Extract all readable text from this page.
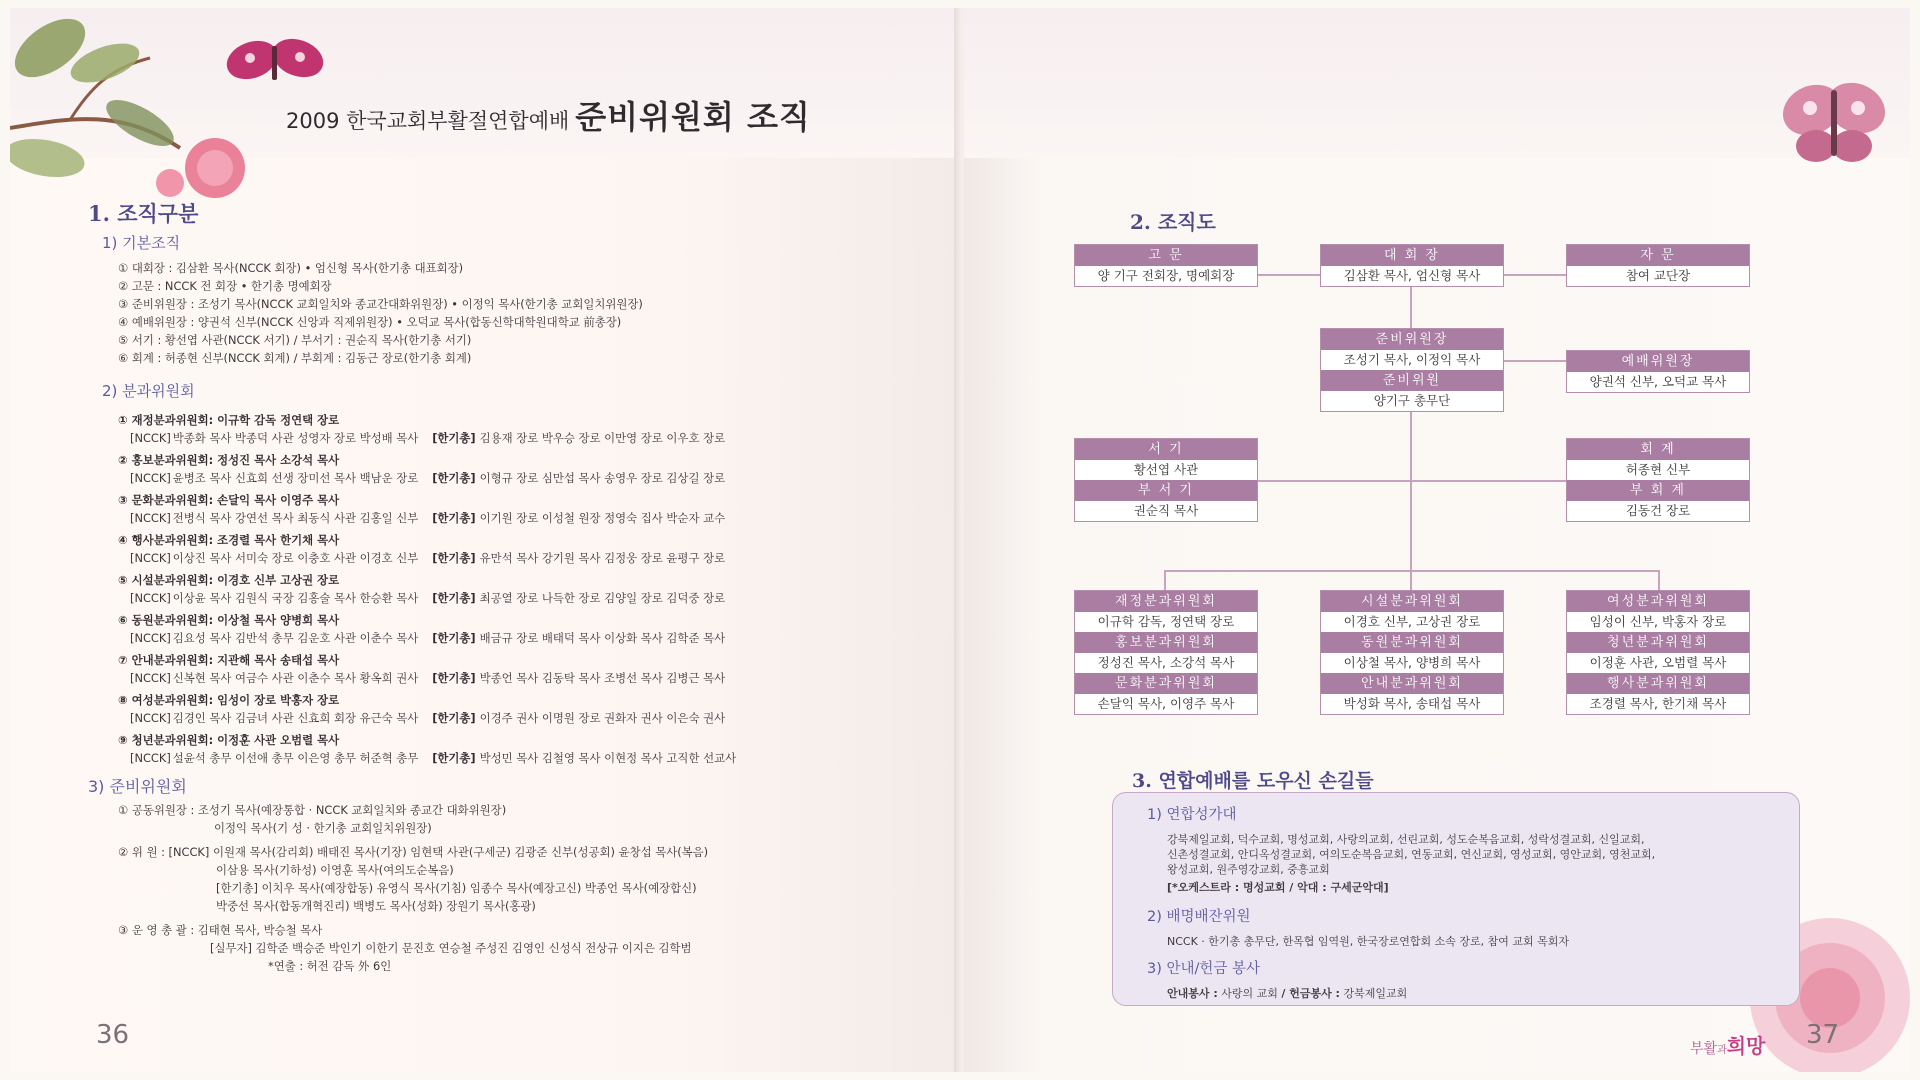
2009 한국교회부활절연합예배 준비위원회 조직
1. 조직구분
1) 기본조직
① 대회장 : 김삼환 목사(NCCK 회장) • 엄신형 목사(한기총 대표회장)
② 고문 : NCCK 전 회장 • 한기총 명예회장
③ 준비위원장 : 조성기 목사(NCCK 교회일치와 종교간대화위원장) • 이정익 목사(한기총 교회일치위원장)
④ 예배위원장 : 양권석 신부(NCCK 신앙과 직제위원장) • 오덕교 목사(합동신학대학원대학교 前총장)
⑤ 서기 : 황선엽 사관(NCCK 서기) / 부서기 : 권순직 목사(한기총 서기)
⑥ 회계 : 허종현 신부(NCCK 회계) / 부회계 : 김동근 장로(한기총 회계)
2) 분과위원회
① 재정분과위원회: 이규학 감독 정연택 장로
[NCCK] 박종화 목사 박종덕 사관 성영자 장로 박성배 목사 [한기총] 김용재 장로 박우승 장로 이만영 장로 이우호 장로
② 홍보분과위원회: 정성진 목사 소강석 목사
[NCCK] 윤병조 목사 신효희 선생 장미선 목사 백남운 장로 [한기총] 이형규 장로 심만섭 목사 송영우 장로 김상길 장로
③ 문화분과위원회: 손달익 목사 이영주 목사
[NCCK] 전병식 목사 강연선 목사 최동식 사관 김홍일 신부 [한기총] 이기원 장로 이성철 원장 정영숙 집사 박순자 교수
④ 행사분과위원회: 조경렬 목사 한기채 목사
[NCCK] 이상진 목사 서미숙 장로 이충호 사관 이경호 신부 [한기총] 유만석 목사 강기원 목사 김정웅 장로 윤평구 장로
⑤ 시설분과위원회: 이경호 신부 고상권 장로
[NCCK] 이상윤 목사 김원식 국장 김홍술 목사 한승환 목사 [한기총] 최공열 장로 나득한 장로 김양일 장로 김덕중 장로
⑥ 동원분과위원회: 이상철 목사 양병희 목사
[NCCK] 김요성 목사 김반석 총무 김운호 사관 이춘수 목사 [한기총] 배금규 장로 배태덕 목사 이상화 목사 김학준 목사
⑦ 안내분과위원회: 지관해 목사 송태섭 목사
[NCCK] 신복현 목사 여금수 사관 이춘수 목사 황옥희 권사 [한기총] 박종언 목사 김동탁 목사 조병선 목사 김병근 목사
⑧ 여성분과위원회: 임성이 장로 박홍자 장로
[NCCK] 김경인 목사 김금녀 사관 신효희 회장 유근숙 목사 [한기총] 이경주 권사 이명원 장로 권화자 권사 이은숙 권사
⑨ 청년분과위원회: 이정훈 사관 오범렬 목사
[NCCK] 설윤석 총무 이선애 총무 이은영 총무 허준혁 총무 [한기총] 박성민 목사 김철영 목사 이현정 목사 고직한 선교사
3) 준비위원회
① 공동위원장 : 조성기 목사(예장통합 · NCCK 교회일치와 종교간 대화위원장)
이정익 목사(기 성 · 한기총 교회일치위원장)
② 위 원 : [NCCK] 이원재 목사(감리회) 배태진 목사(기장) 임현택 사관(구세군) 김광준 신부(성공회) 윤창섭 목사(복음)
이삼용 목사(기하성) 이영훈 목사(여의도순복음)
[한기총] 이치우 목사(예장합동) 유영식 목사(기침) 임종수 목사(예장고신) 박종언 목사(예장합신)
박중선 목사(합동개혁진리) 백병도 목사(성화) 장원기 목사(홍광)
③ 운 영 총 괄 : 김태현 목사, 박승철 목사
[실무자] 김학준 백승준 박인기 이한기 문진호 연승철 주성진 김영인 신성식 전상규 이지은 김학범
*연출 : 허전 감독 外 6인
36
2. 조직도
고 문
양 기구 전회장, 명예회장
대 회 장
김삼환 목사, 엄신형 목사
자 문
참여 교단장
준비위원장
조성기 목사, 이정익 목사
준비위원
양기구 총무단
예배위원장
양권석 신부, 오덕교 목사
서 기
황선엽 사관
부 서 기
권순직 목사
회 계
허종현 신부
부 회 계
김동건 장로
재정분과위원회
이규학 감독, 정연택 장로
홍보분과위원회
정성진 목사, 소강석 목사
문화분과위원회
손달익 목사, 이영주 목사
시설분과위원회
이경호 신부, 고상권 장로
동원분과위원회
이상철 목사, 양병희 목사
안내분과위원회
박성화 목사, 송태섭 목사
여성분과위원회
임성이 신부, 박홍자 장로
청년분과위원회
이정훈 사관, 오범렬 목사
행사분과위원회
조경렬 목사, 한기채 목사
3. 연합예배를 도우신 손길들
1) 연합성가대
강북제일교회, 덕수교회, 명성교회, 사랑의교회, 선린교회, 성도순복음교회, 성락성결교회, 신일교회,
신촌성결교회, 안디옥성결교회, 여의도순복음교회, 연동교회, 연신교회, 영성교회, 영안교회, 영천교회,
왕성교회, 원주영강교회, 중흥교회
[*오케스트라 : 명성교회 / 악대 : 구세군악대]
2) 배명배잔위원
NCCK · 한기총 총무단, 한목협 임역원, 한국장로연합회 소속 장로, 참여 교회 목회자
3) 안내/헌금 봉사
안내봉사 : 사랑의 교회 / 헌금봉사 : 강북제일교회
부활과희망 37
